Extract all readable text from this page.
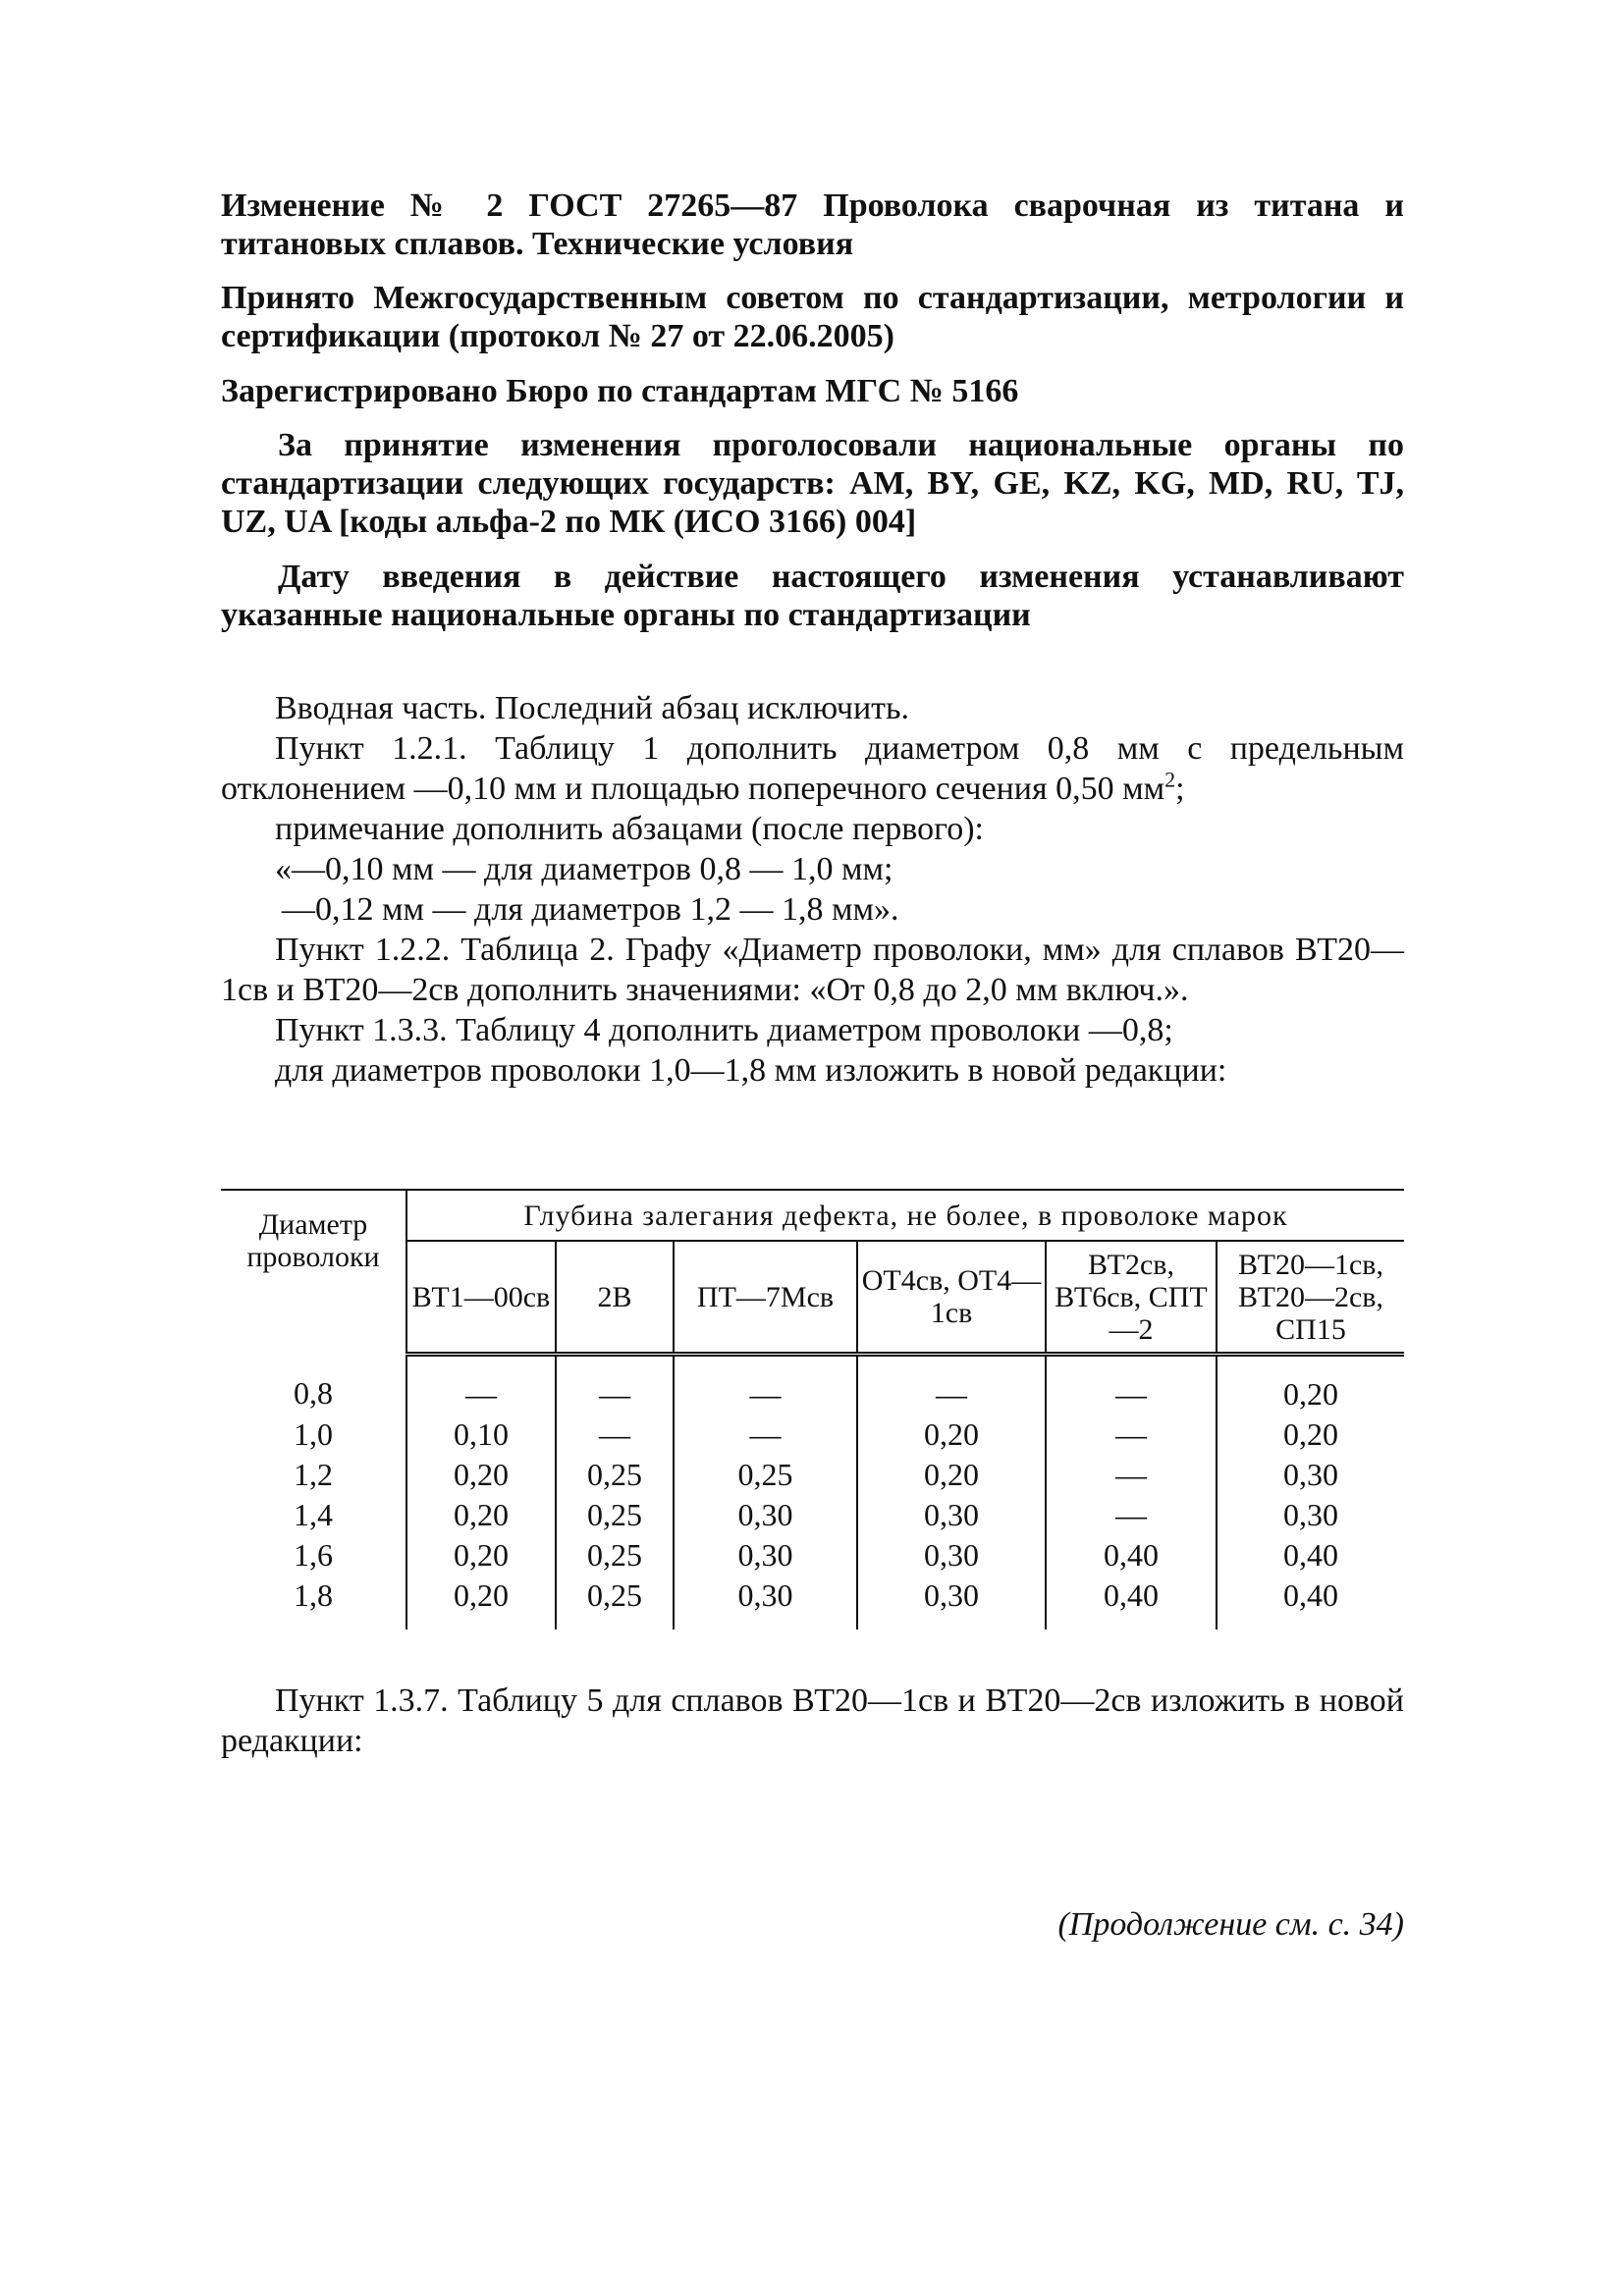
Изменение № 2 ГОСТ 27265—87 Проволока сварочная из титана и титановых сплавов. Технические условия

Принято Межгосударственным советом по стандартизации, метрологии и сертификации (протокол № 27 от 22.06.2005)

Зарегистрировано Бюро по стандартам МГС № 5166

За принятие изменения проголосовали национальные органы по стандартизации следующих государств: AM, BY, GE, KZ, KG, MD, RU, TJ, UZ, UA [коды альфа-2 по МК (ИСО 3166) 004]

Дату введения в действие настоящего изменения устанавливают указанные национальные органы по стандартизации

Вводная часть. Последний абзац исключить.

Пункт 1.2.1. Таблицу 1 дополнить диаметром 0,8 мм с предельным отклонением —0,10 мм и площадью поперечного сечения 0,50 $мм^2$;

примечание дополнить абзацами (после первого):

«—0,10 мм — для диаметров 0,8 — 1,0 мм;

—0,12 мм — для диаметров 1,2 — 1,8 мм».

Пункт 1.2.2. Таблица 2. Графу «Диаметр проволоки, мм» для сплавов ВТ20—1св и ВТ20—2св дополнить значениями: «От 0,8 до 2,0 мм включ.».

Пункт 1.3.3. Таблицу 4 дополнить диаметром проволоки —0,8;

для диаметров проволоки 1,0—1,8 мм изложить в новой редакции:

Диаметр проволоки	Глубина залегания дефекта, не более, в проволоке марок					
	ВТ1—00св	2В	ПТ—7Мсв	ОТ4св, ОТ4—1св	ВТ2св, ВТ6св, СПТ—2	ВТ20—1св, ВТ20—2св, СП15
0,8	—	—	—	—	—	0,20
1,0	0,10	—	—	0,20	—	0,20
1,2	0,20	0,25	0,25	0,20	—	0,30
1,4	0,20	0,25	0,30	0,30	—	0,30
1,6	0,20	0,25	0,30	0,30	0,40	0,40
1,8	0,20	0,25	0,30	0,30	0,40	0,40

Пункт 1.3.7. Таблицу 5 для сплавов ВТ20—1св и ВТ20—2св изложить в новой редакции:

(Продолжение см. с. 34)
